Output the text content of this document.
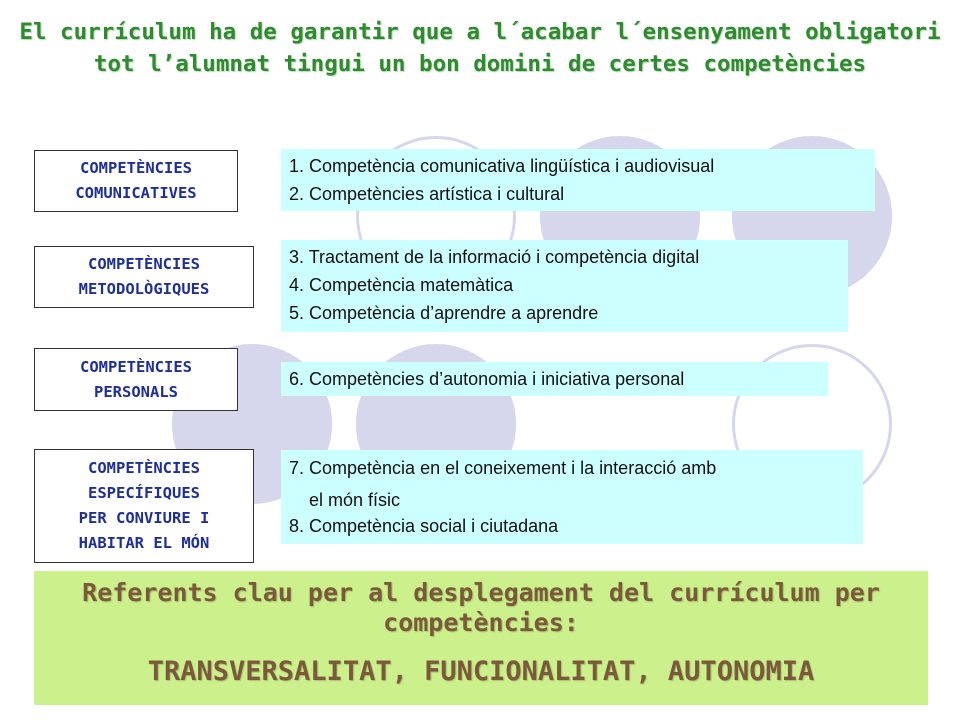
El currículum ha de garantir que a l´acabar l´ensenyament obligatori
tot l’alumnat tingui un bon domini de certes competències
COMPETÈNCIES
COMUNICATIVES
COMPETÈNCIES
METODOLÒGIQUES
COMPETÈNCIES
PERSONALS
COMPETÈNCIES
ESPECÍFIQUES
PER CONVIURE I
HABITAR EL MÓN
1. Competència comunicativa lingüística i audiovisual
2. Competències artística i cultural
3. Tractament de la informació i competència digital
4. Competència matemàtica
5. Competència d’aprendre a aprendre
6. Competències d’autonomia i iniciativa personal
7. Competència en el coneixement i la interacció amb
el món físic
8. Competència social i ciutadana
Referents clau per al desplegament del currículum per
competències:
TRANSVERSALITAT, FUNCIONALITAT, AUTONOMIA
